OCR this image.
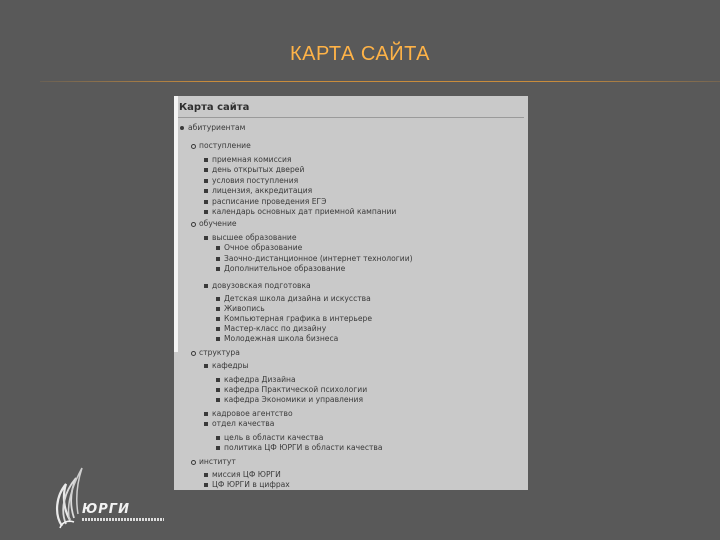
КАРТА САЙТА
Карта сайта
абитуриентам
поступление
приемная комиссия
день открытых дверей
условия поступления
лицензия, аккредитация
расписание проведения ЕГЭ
календарь основных дат приемной кампании
обучение
высшее образование
Очное образование
Заочно-дистанционное (интернет технологии)
Дополнительное образование
довузовская подготовка
Детская школа дизайна и искусства
Живопись
Компьютерная графика в интерьере
Мастер-класс по дизайну
Молодежная школа бизнеса
структура
кафедры
кафедра Дизайна
кафедра Практической психологии
кафедра Экономики и управления
кадровое агентство
отдел качества
цель в области качества
политика ЦФ ЮРГИ в области качества
институт
миссия ЦФ ЮРГИ
ЦФ ЮРГИ в цифрах
ЮРГИ
